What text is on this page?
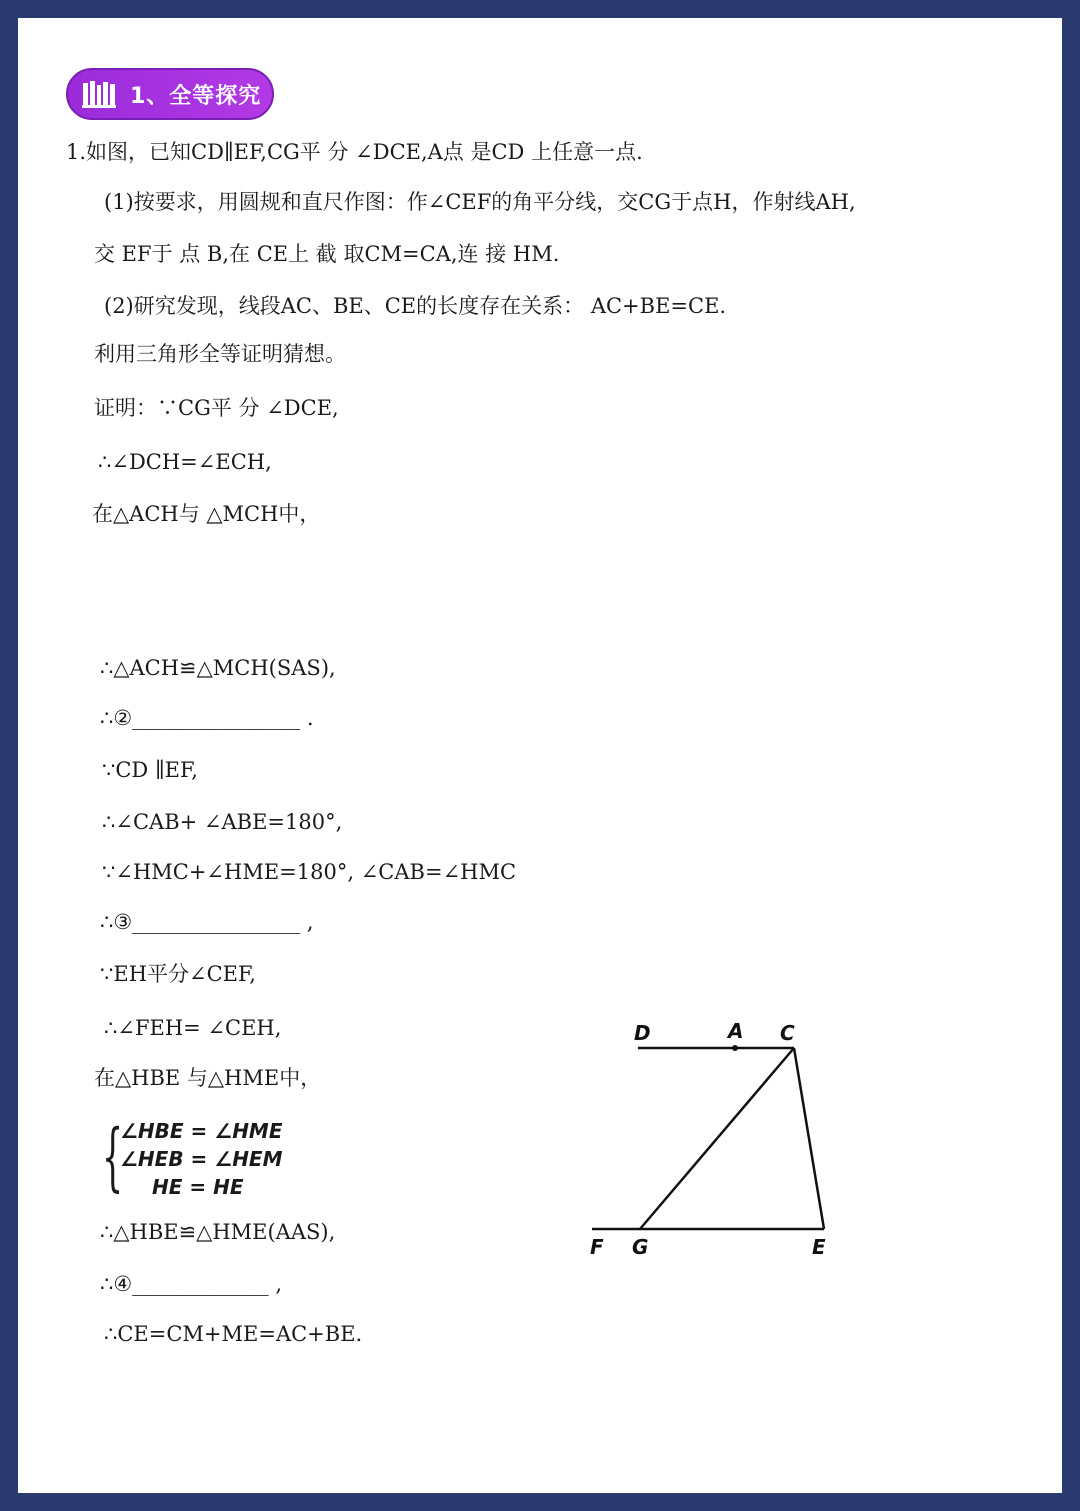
1、全等探究
1.如图，已知CD∥EF,CG平 分 ∠DCE,A点 是CD 上任意一点.
(1)按要求，用圆规和直尺作图：作∠CEF的角平分线，交CG于点H，作射线AH,
交 EF于 点 B,在 CE上 截 取CM=CA,连 接 HM.
(2)研究发现，线段AC、BE、CE的长度存在关系： AC+BE=CE.
利用三角形全等证明猜想。
证明：∵CG平 分 ∠DCE,
∴∠DCH=∠ECH,
在△ACH与 △MCH中，
∴△ACH≌△MCH(SAS),
∴②________________ .
∵CD ∥EF,
∴∠CAB+ ∠ABE=180°,
∵∠HMC+∠HME=180°, ∠CAB=∠HMC
∴③________________ ,
∵EH平分∠CEF,
∴∠FEH= ∠CEH,
在△HBE 与△HME中，
{
∠HBE = ∠HME
∠HEB = ∠HEM
HE = HE
∴△HBE≌△HME(AAS),
∴④_____________ ,
∴CE=CM+ME=AC+BE.
D	A C
F G	E
